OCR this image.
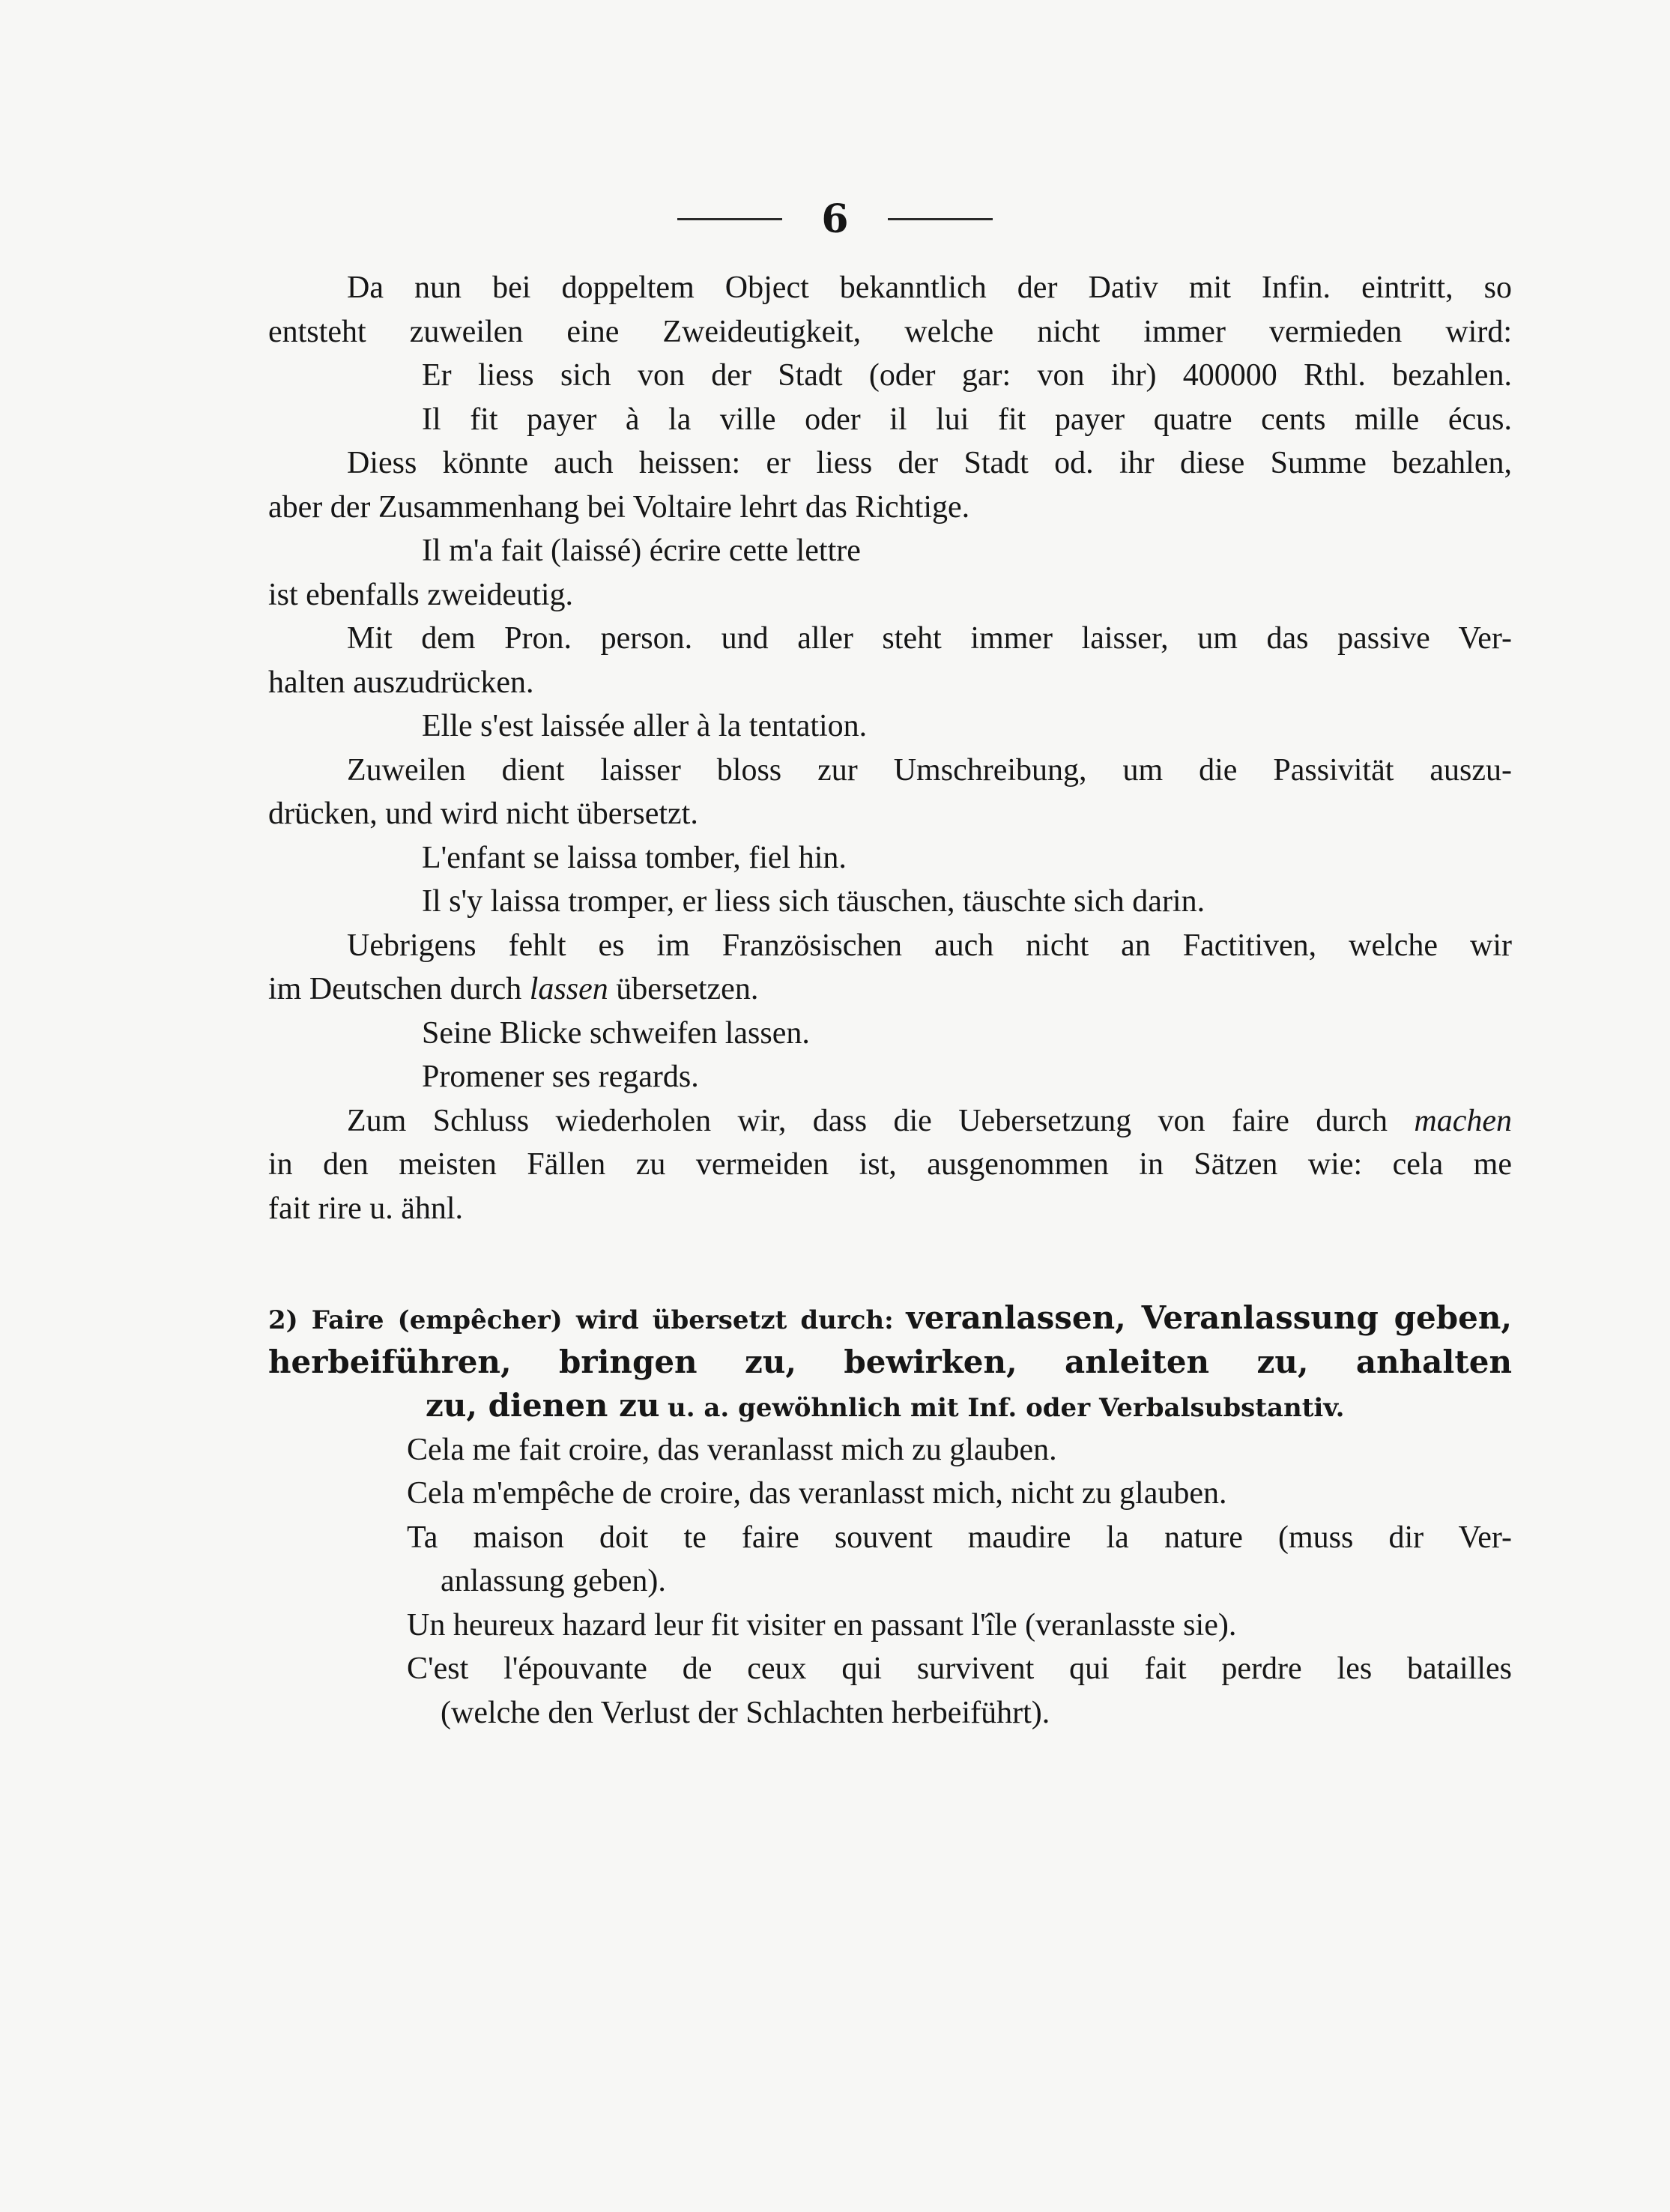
6
Da nun bei doppeltem Object bekanntlich der Dativ mit Infin. eintritt, so
entsteht zuweilen eine Zweideutigkeit, welche nicht immer vermieden wird:
Er liess sich von der Stadt (oder gar: von ihr) 400000 Rthl. bezahlen.
Il fit payer à la ville oder il lui fit payer quatre cents mille écus.
Diess könnte auch heissen: er liess der Stadt od. ihr diese Summe bezahlen,
aber der Zusammenhang bei Voltaire lehrt das Richtige.
Il m'a fait (laissé) écrire cette lettre
ist ebenfalls zweideutig.
Mit dem Pron. person. und aller steht immer laisser, um das passive Ver-
halten auszudrücken.
Elle s'est laissée aller à la tentation.
Zuweilen dient laisser bloss zur Umschreibung, um die Passivität auszu-
drücken, und wird nicht übersetzt.
L'enfant se laissa tomber, fiel hin.
Il s'y laissa tromper, er liess sich täuschen, täuschte sich darin.
Uebrigens fehlt es im Französischen auch nicht an Factitiven, welche wir
im Deutschen durch lassen übersetzen.
Seine Blicke schweifen lassen.
Promener ses regards.
Zum Schluss wiederholen wir, dass die Uebersetzung von faire durch machen
in den meisten Fällen zu vermeiden ist, ausgenommen in Sätzen wie: cela me
fait rire u. ähnl.
2) Faire (empêcher) wird übersetzt durch: veranlassen, Veranlassung geben,
herbeiführen, bringen zu, bewirken, anleiten zu, anhalten
zu, dienen zu u. a. gewöhnlich mit Inf. oder Verbalsubstantiv.
Cela me fait croire, das veranlasst mich zu glauben.
Cela m'empêche de croire, das veranlasst mich, nicht zu glauben.
Ta maison doit te faire souvent maudire la nature (muss dir Ver-
anlassung geben).
Un heureux hazard leur fit visiter en passant l'île (veranlasste sie).
C'est l'épouvante de ceux qui survivent qui fait perdre les batailles
(welche den Verlust der Schlachten herbeiführt).
